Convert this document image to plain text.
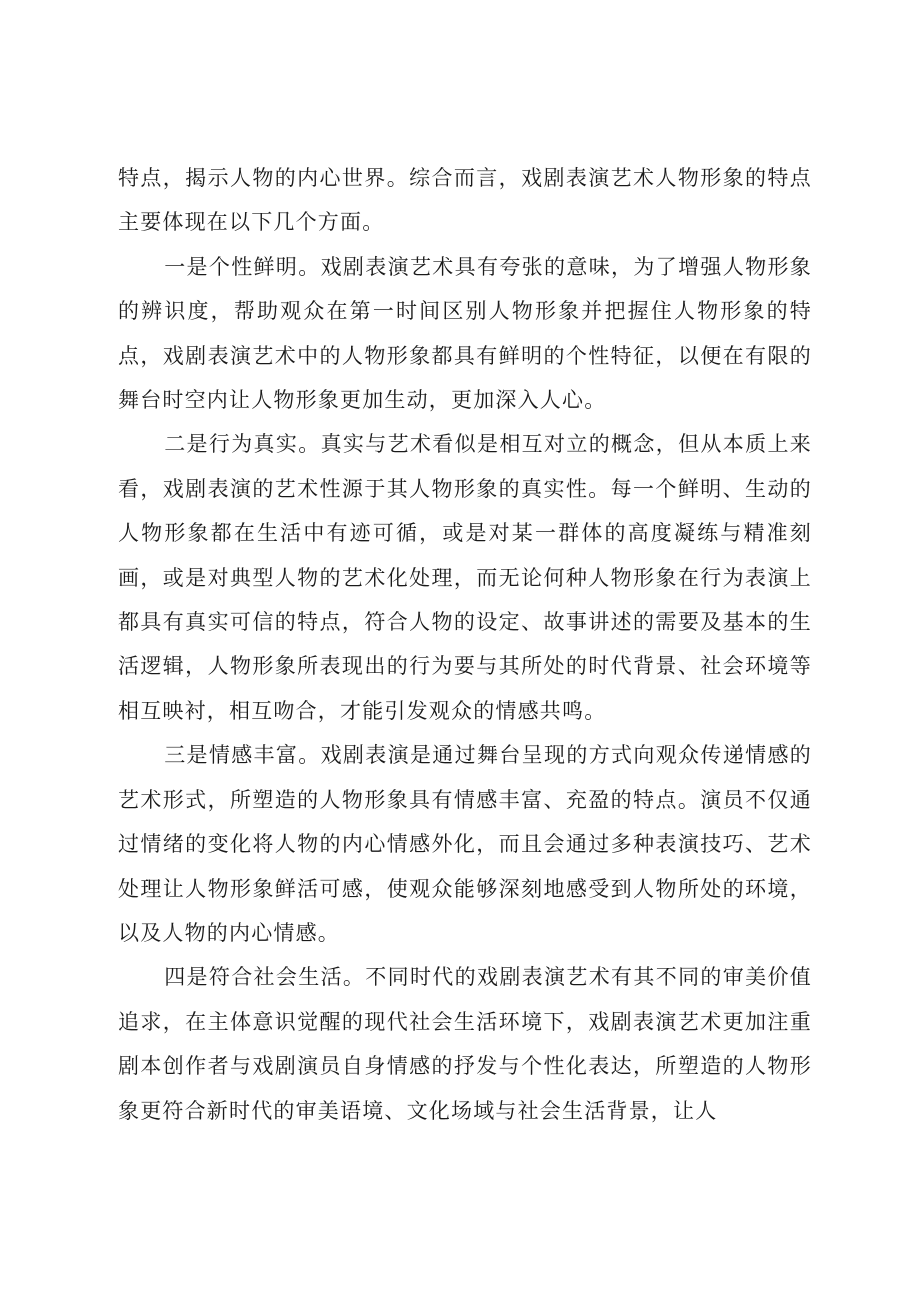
特点，揭示人物的内心世界。综合而言，戏剧表演艺术人物形象的特点主要体现在以下几个方面。

一是个性鲜明。戏剧表演艺术具有夸张的意味，为了增强人物形象的辨识度，帮助观众在第一时间区别人物形象并把握住人物形象的特点，戏剧表演艺术中的人物形象都具有鲜明的个性特征，以便在有限的舞台时空内让人物形象更加生动，更加深入人心。

二是行为真实。真实与艺术看似是相互对立的概念，但从本质上来看，戏剧表演的艺术性源于其人物形象的真实性。每一个鲜明、生动的人物形象都在生活中有迹可循，或是对某一群体的高度凝练与精准刻画，或是对典型人物的艺术化处理，而无论何种人物形象在行为表演上都具有真实可信的特点，符合人物的设定、故事讲述的需要及基本的生活逻辑，人物形象所表现出的行为要与其所处的时代背景、社会环境等相互映衬，相互吻合，才能引发观众的情感共鸣。

三是情感丰富。戏剧表演是通过舞台呈现的方式向观众传递情感的艺术形式，所塑造的人物形象具有情感丰富、充盈的特点。演员不仅通过情绪的变化将人物的内心情感外化，而且会通过多种表演技巧、艺术处理让人物形象鲜活可感，使观众能够深刻地感受到人物所处的环境，以及人物的内心情感。

四是符合社会生活。不同时代的戏剧表演艺术有其不同的审美价值追求，在主体意识觉醒的现代社会生活环境下，戏剧表演艺术更加注重剧本创作者与戏剧演员自身情感的抒发与个性化表达，所塑造的人物形象更符合新时代的审美语境、文化场域与社会生活背景，让人
